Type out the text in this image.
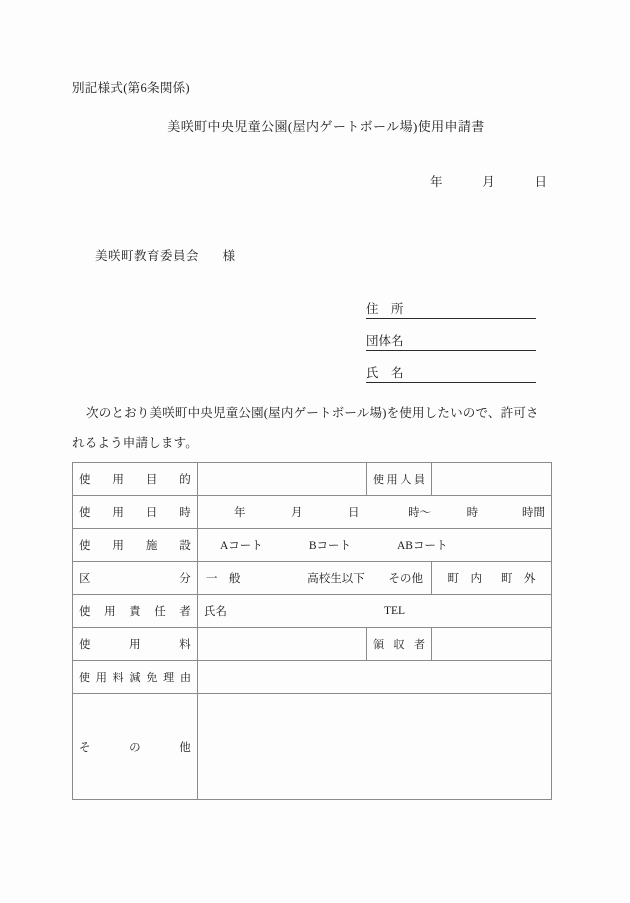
別記様式(第6条関係)
美咲町中央児童公園(屋内ゲートボール場)使用申請書
年	月	日
美咲町教育委員会 様
住　所
団体名
氏　名
次のとおり美咲町中央児童公園(屋内ゲートボール場)を使用したいので、許可されるよう申請します。
使用目的		使用人員	
使用日時	年	月	日	時～	時	時間

使用施設	Aコート Bコート ABコート		

区分	一　般 高校生以下 その他		町　内 町　外

使用責任者	氏名 TEL		

使用料		領収者	
使用料減免理由			
その他			
